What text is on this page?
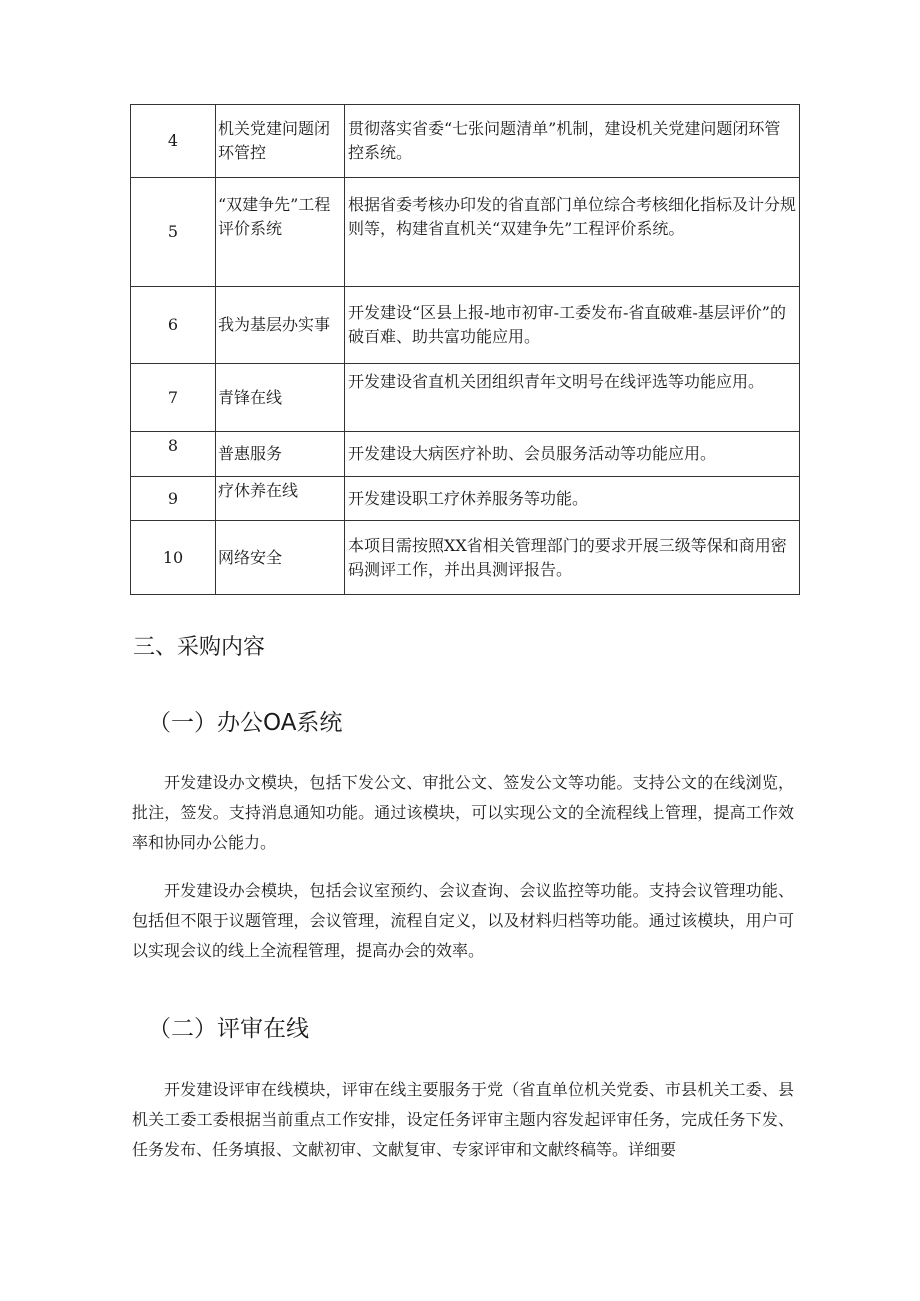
4	机关党建问题闭环管控	贯彻落实省委“七张问题清单”机制，建设机关党建问题闭环管控系统。
5	“双建争先”工程评价系统	根据省委考核办印发的省直部门单位综合考核细化指标及计分规则等，构建省直机关“双建争先”工程评价系统。
6	我为基层办实事	开发建设“区县上报-地市初审-工委发布-省直破难-基层评价”的破百难、助共富功能应用。
7	青锋在线	开发建设省直机关团组织青年文明号在线评选等功能应用。
8	普惠服务	开发建设大病医疗补助、会员服务活动等功能应用。
9	疗休养在线	开发建设职工疗休养服务等功能。
10	网络安全	本项目需按照XX省相关管理部门的要求开展三级等保和商用密码测评工作，并出具测评报告。
三、采购内容
（一）办公OA系统

开发建设办文模块，包括下发公文、审批公文、签发公文等功能。支持公文的在线浏览，批注，签发。支持消息通知功能。通过该模块，可以实现公文的全流程线上管理，提高工作效率和协同办公能力。

开发建设办会模块，包括会议室预约、会议查询、会议监控等功能。支持会议管理功能、包括但不限于议题管理，会议管理，流程自定义，以及材料归档等功能。通过该模块，用户可以实现会议的线上全流程管理，提高办会的效率。

（二）评审在线

开发建设评审在线模块，评审在线主要服务于党（省直单位机关党委、市县机关工委、县机关工委工委根据当前重点工作安排，设定任务评审主题内容发起评审任务，完成任务下发、任务发布、任务填报、文献初审、文献复审、专家评审和文献终稿等。详细要
